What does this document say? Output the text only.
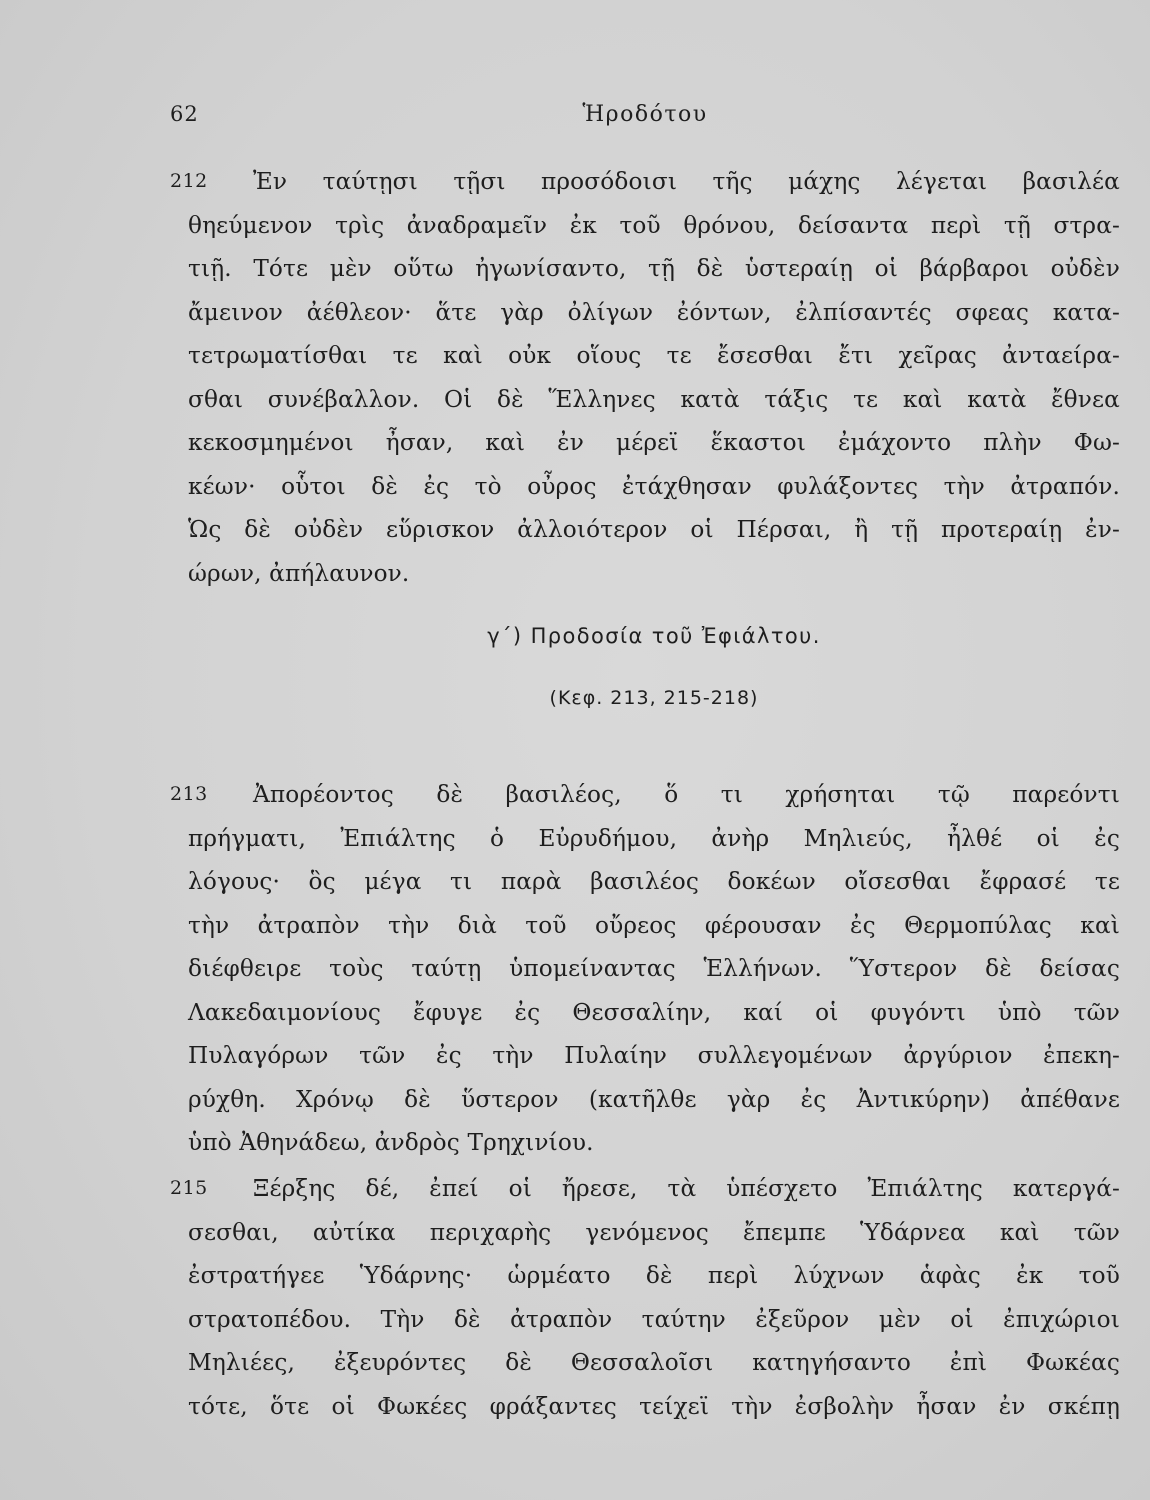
62	Ἡροδότου
212	Ἐν ταύτῃσι τῇσι προσόδοισι τῆς μάχης λέγεται βασιλέα
θηεύμενον τρὶς ἀναδραμεῖν ἐκ τοῦ θρόνου, δείσαντα περὶ τῇ στρα-
τιῇ. Τότε μὲν οὕτω ἠγωνίσαντο, τῇ δὲ ὑστεραίῃ οἱ βάρβαροι οὐδὲν
ἄμεινον ἀέθλεον· ἅτε γὰρ ὀλίγων ἐόντων, ἐλπίσαντές σφεας κατα-
τετρωματίσθαι τε καὶ οὐκ οἵους τε ἔσεσθαι ἔτι χεῖρας ἀνταείρα-
σθαι συνέβαλλον. Οἱ δὲ Ἕλληνες κατὰ τάξις τε καὶ κατὰ ἔθνεα
κεκοσμημένοι ἦσαν, καὶ ἐν μέρεϊ ἕκαστοι ἐμάχοντο πλὴν Φω-
κέων· οὗτοι δὲ ἐς τὸ οὖρος ἐτάχθησαν φυλάξοντες τὴν ἀτραπόν.
Ὡς δὲ οὐδὲν εὕρισκον ἀλλοιότερον οἱ Πέρσαι, ἢ τῇ προτεραίῃ ἐν-
ώρων, ἀπήλαυνον.
γ΄) Προδοσία τοῦ Ἐφιάλτου.
(Κεφ. 213, 215-218)
213	Ἀπορέοντος δὲ βασιλέος, ὅ τι χρήσηται τῷ παρεόντι
πρήγματι, Ἐπιάλτης ὁ Εὐρυδήμου, ἀνὴρ Μηλιεύς, ἦλθέ οἱ ἐς
λόγους· ὃς μέγα τι παρὰ βασιλέος δοκέων οἴσεσθαι ἔφρασέ τε
τὴν ἀτραπὸν τὴν διὰ τοῦ οὔρεος φέρουσαν ἐς Θερμοπύλας καὶ
διέφθειρε τοὺς ταύτῃ ὑπομείναντας Ἑλλήνων. Ὕστερον δὲ δείσας
Λακεδαιμονίους ἔφυγε ἐς Θεσσαλίην, καί οἱ φυγόντι ὑπὸ τῶν
Πυλαγόρων τῶν ἐς τὴν Πυλαίην συλλεγομένων ἀργύριον ἐπεκη-
ρύχθη. Χρόνῳ δὲ ὕστερον (κατῆλθε γὰρ ἐς Ἀντικύρην) ἀπέθανε
ὑπὸ Ἀθηνάδεω, ἀνδρὸς Τρηχινίου.
215	Ξέρξης δέ, ἐπεί οἱ ἤρεσε, τὰ ὑπέσχετο Ἐπιάλτης κατεργά-
σεσθαι, αὐτίκα περιχαρὴς γενόμενος ἔπεμπε Ὑδάρνεα καὶ τῶν
ἐστρατήγεε Ὑδάρνης· ὡρμέατο δὲ περὶ λύχνων ἁφὰς ἐκ τοῦ
στρατοπέδου. Τὴν δὲ ἀτραπὸν ταύτην ἐξεῦρον μὲν οἱ ἐπιχώριοι
Μηλιέες, ἐξευρόντες δὲ Θεσσαλοῖσι κατηγήσαντο ἐπὶ Φωκέας
τότε, ὅτε οἱ Φωκέες φράξαντες τείχεϊ τὴν ἐσβολὴν ἦσαν ἐν σκέπῃ
